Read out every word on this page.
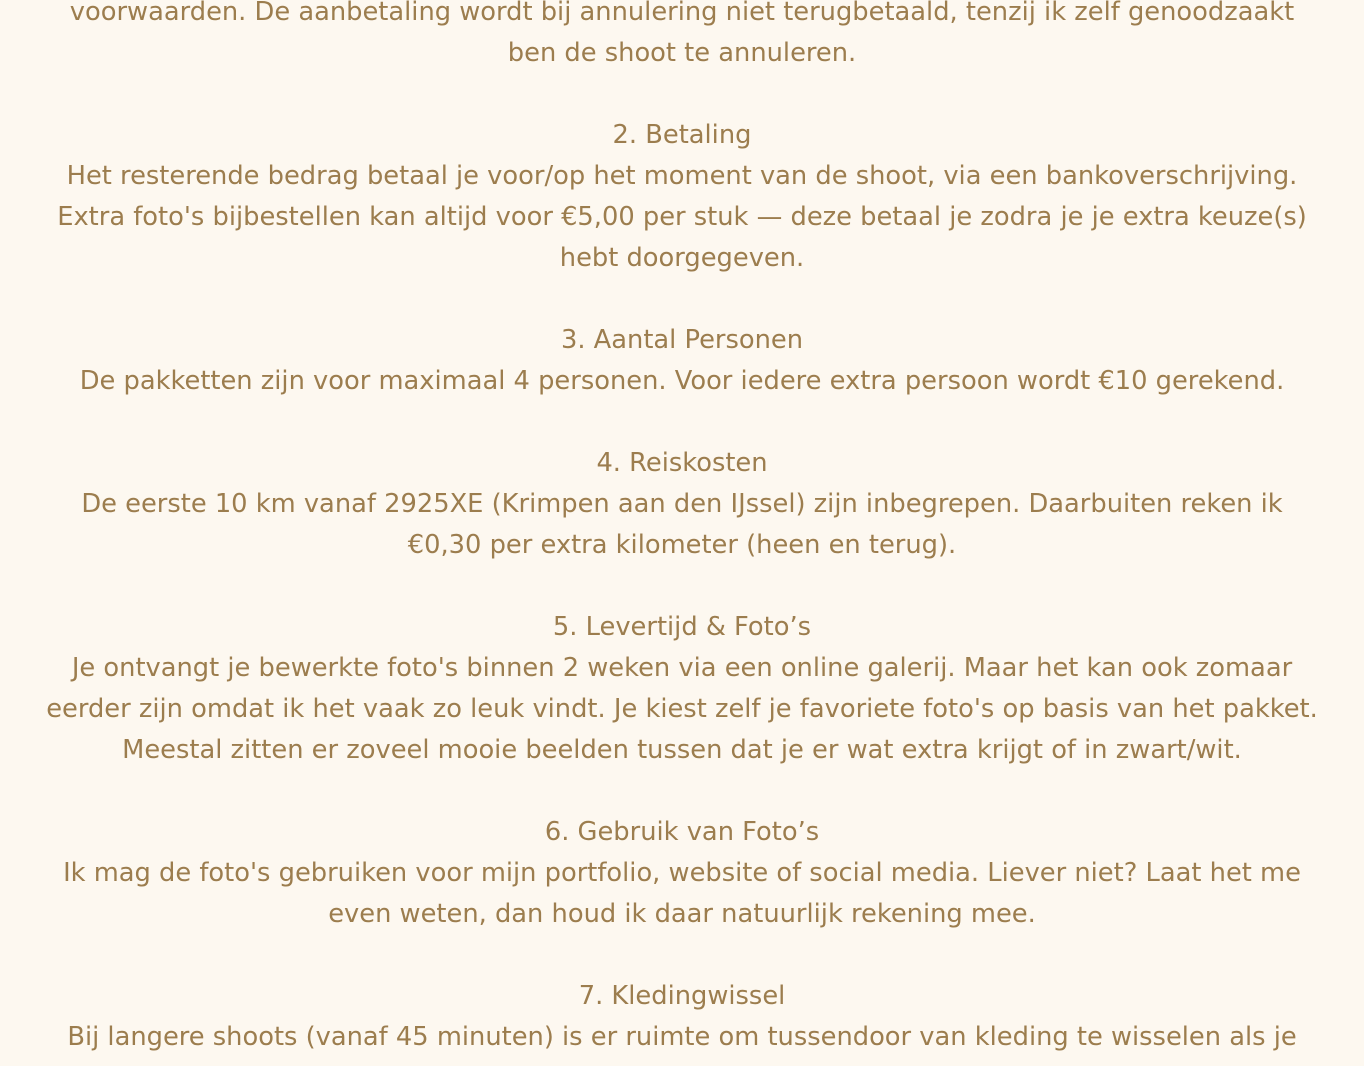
voorwaarden. De aanbetaling wordt bij annulering niet terugbetaald, tenzij ik zelf genoodzaakt
ben de shoot te annuleren.
2. Betaling
Het resterende bedrag betaal je voor/op het moment van de shoot, via een bankoverschrijving.
Extra foto's bijbestellen kan altijd voor €5,00 per stuk — deze betaal je zodra je je extra keuze(s)
hebt doorgegeven.
3. Aantal Personen
De pakketten zijn voor maximaal 4 personen. Voor iedere extra persoon wordt €10 gerekend.
4. Reiskosten
De eerste 10 km vanaf 2925XE (Krimpen aan den IJssel) zijn inbegrepen. Daarbuiten reken ik
€0,30 per extra kilometer (heen en terug).
5. Levertijd & Foto’s
Je ontvangt je bewerkte foto's binnen 2 weken via een online galerij. Maar het kan ook zomaar
eerder zijn omdat ik het vaak zo leuk vindt. Je kiest zelf je favoriete foto's op basis van het pakket.
Meestal zitten er zoveel mooie beelden tussen dat je er wat extra krijgt of in zwart/wit.
6. Gebruik van Foto’s
Ik mag de foto's gebruiken voor mijn portfolio, website of social media. Liever niet? Laat het me
even weten, dan houd ik daar natuurlijk rekening mee.
7. Kledingwissel
Bij langere shoots (vanaf 45 minuten) is er ruimte om tussendoor van kleding te wisselen als je
